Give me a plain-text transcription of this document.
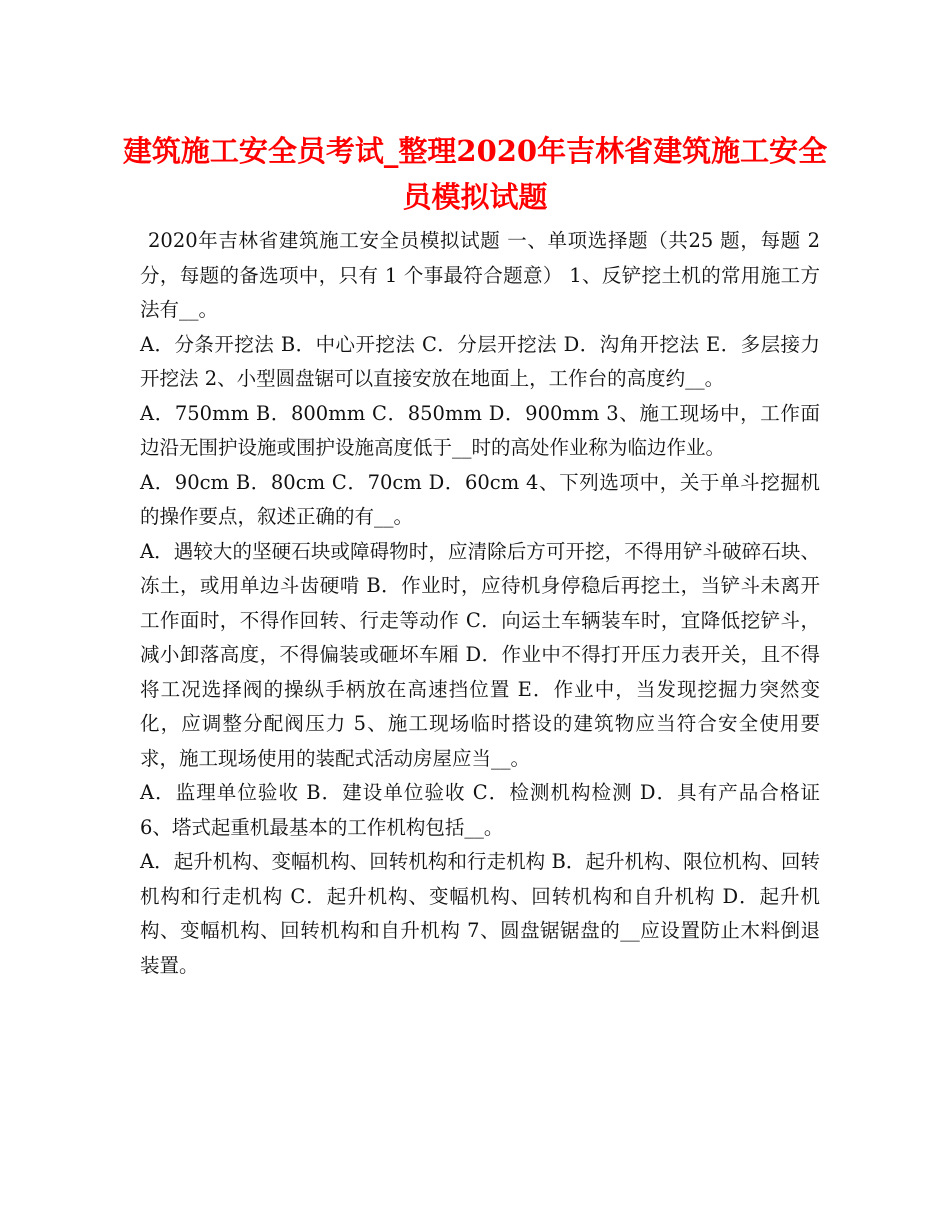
建筑施工安全员考试_整理2020年吉林省建筑施工安全员模拟试题

2020年吉林省建筑施工安全员模拟试题 一、单项选择题（共25 题，每题 2 分，每题的备选项中，只有 1 个事最符合题意） 1、反铲挖土机的常用施工方法有__。

A．分条开挖法 B．中心开挖法 C．分层开挖法 D．沟角开挖法 E．多层接力开挖法 2、小型圆盘锯可以直接安放在地面上，工作台的高度约__。

A．750mm B．800mm C．850mm D．900mm 3、施工现场中，工作面边沿无围护设施或围护设施高度低于__时的高处作业称为临边作业。

A．90cm B．80cm C．70cm D．60cm 4、下列选项中，关于单斗挖掘机的操作要点，叙述正确的有__。

A．遇较大的坚硬石块或障碍物时，应清除后方可开挖，不得用铲斗破碎石块、冻土，或用单边斗齿硬啃 B．作业时，应待机身停稳后再挖土，当铲斗未离开工作面时，不得作回转、行走等动作 C．向运土车辆装车时，宜降低挖铲斗，减小卸落高度，不得偏装或砸坏车厢 D．作业中不得打开压力表开关，且不得将工况选择阀的操纵手柄放在高速挡位置 E．作业中，当发现挖掘力突然变化，应调整分配阀压力 5、施工现场临时搭设的建筑物应当符合安全使用要求，施工现场使用的装配式活动房屋应当__。

A．监理单位验收 B．建设单位验收 C．检测机构检测 D．具有产品合格证 6、塔式起重机最基本的工作机构包括__。

A．起升机构、变幅机构、回转机构和行走机构 B．起升机构、限位机构、回转机构和行走机构 C．起升机构、变幅机构、回转机构和自升机构 D．起升机构、变幅机构、回转机构和自升机构 7、圆盘锯锯盘的__应设置防止木料倒退装置。
